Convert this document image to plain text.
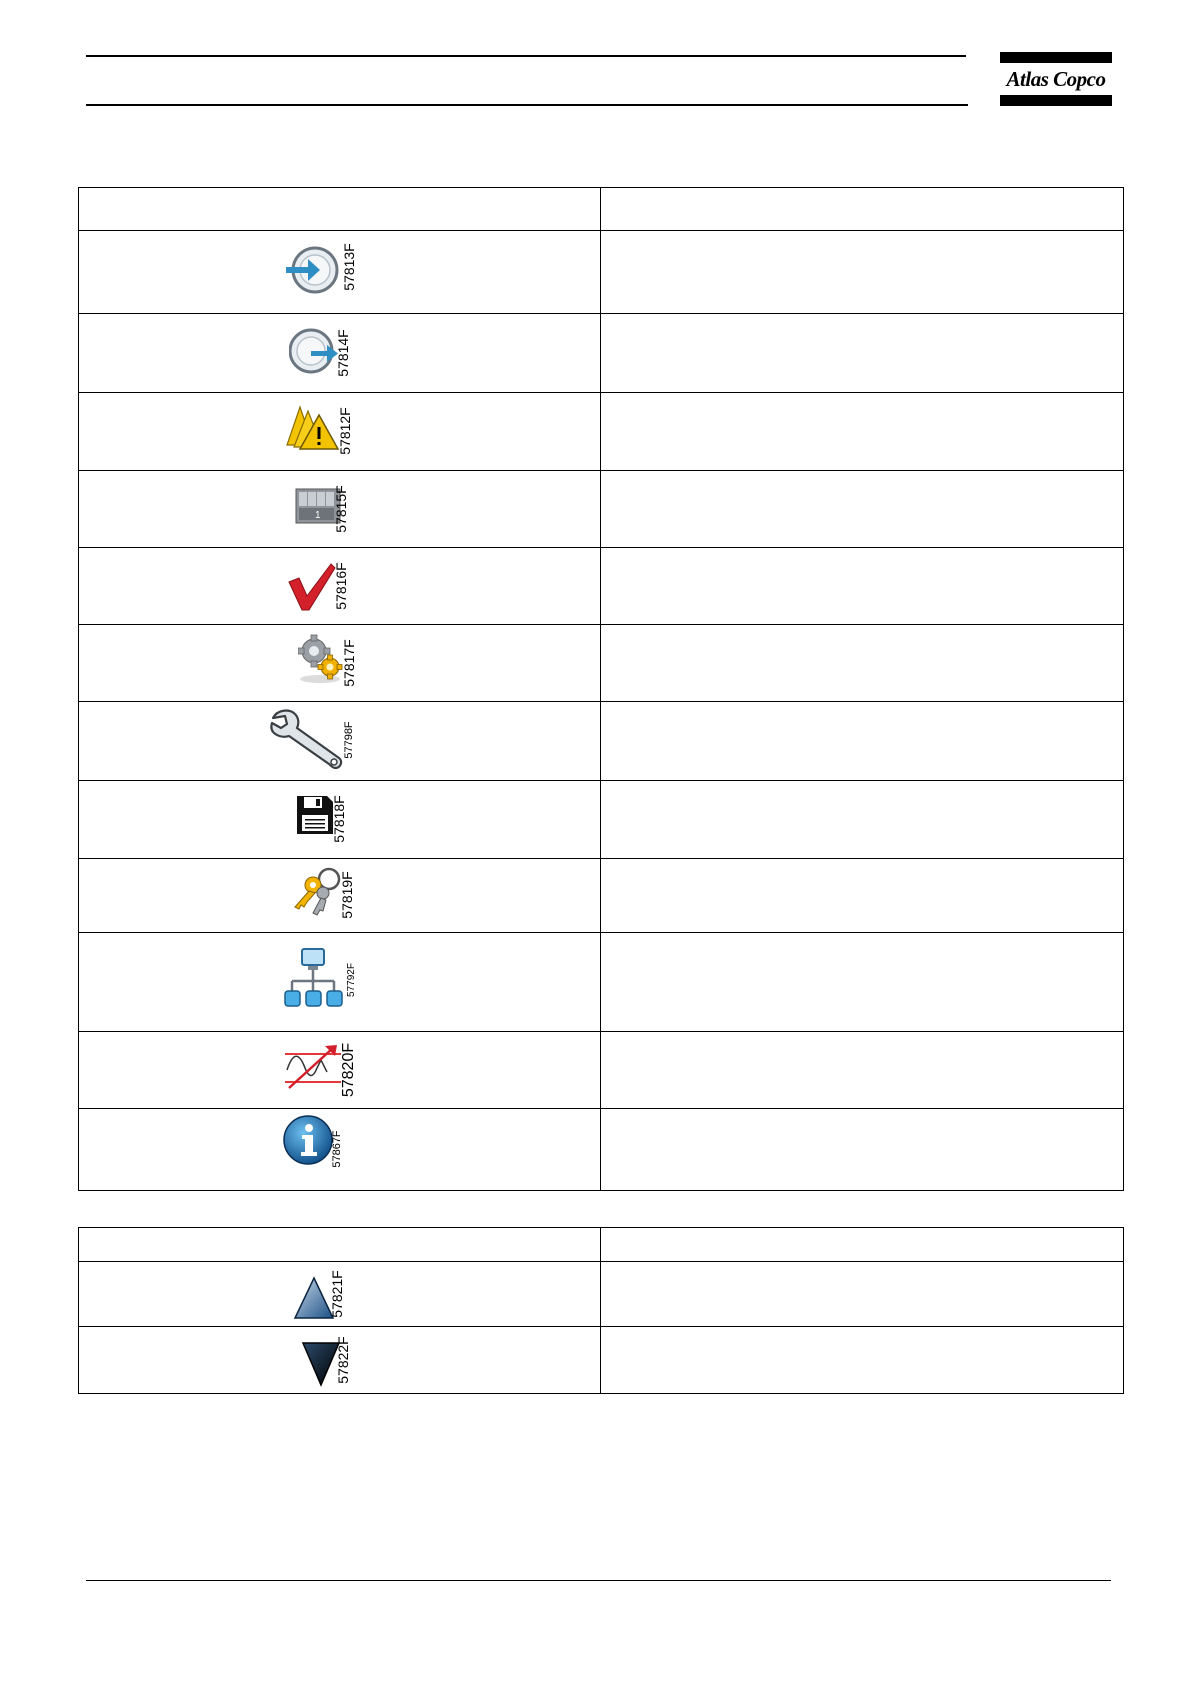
Atlas Copco

57813F	

57814F	

57812F	

1 57815F	

57816F	

57817F	

57798F	

57818F	

57819F	

57792F	

57820F	

57867F	

57821F	

57822F	
